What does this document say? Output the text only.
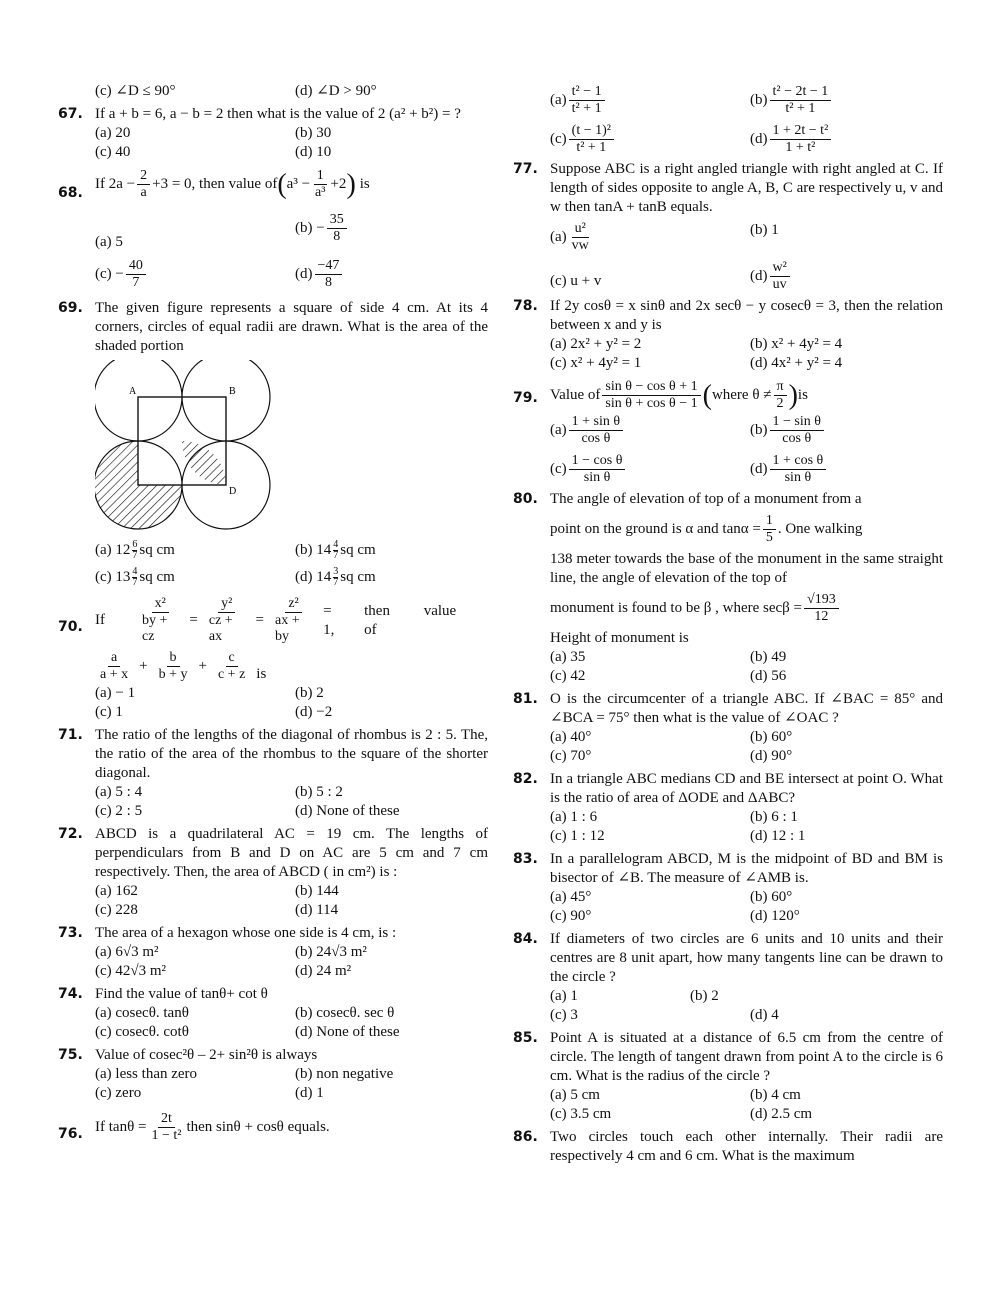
(c) ∠D ≤ 90°	(d) ∠D > 90°
67. If a + b = 6, a − b = 2 then what is the value of 2 (a² + b²) = ?
(a) 20	(b) 30
(c) 40	(d) 10
68.
If $2a - \frac{2}{a} +3 = 0$, then value of ( $a^3 - \frac{1}{\text{a³}} +2$ ) is
(a) 5
$(b) - \frac{35}{8}$
$(c) - \frac{40}{7}$	$(d) \frac{-47}{8}$
69. The given figure represents a square of side 4 cm. At its 4 corners, circles of equal radii are drawn. What is the area of the shaded portion
A	B
D
(a) $12 \frac{6}{7}$ sq cm	(b) $14 \frac{4}{7}$ sq cm
(c) $13 \frac{4}{7}$ sq cm	(d) $14 \frac{3}{7}$ sq cm
70. If $\frac{\text{x²}}{by + cz} = \frac{\text{y²}}{cz + ax} = \frac{\text{z²}}{ax + by} = 1$,
then value of
$\frac{a}{a + x} + \frac{b}{b + y} + \frac{c}{c + z}$ is
(a) − 1	(b) 2
(c) 1	(d) −2
71. The ratio of the lengths of the diagonal of rhombus is 2 : 5. The, the ratio of the area of the rhombus to the square of the shorter diagonal.
(a) 5 : 4	(b) 5 : 2
(c) 2 : 5	(d) None of these
72. ABCD is a quadrilateral AC = 19 cm. The lengths of perpendiculars from B and D on AC are 5 cm and 7 cm respectively. Then, the area of ABCD ( in cm²) is :
(a) 162	(b) 144
(c) 228	(d) 114
73. The area of a hexagon whose one side is 4 cm, is :
(a) 6√3 m²	(b) 24√3 m²
(c) 42√3 m²	(d) 24 m²
74. Find the value of tanθ+ cot θ
(a) cosecθ. tanθ	(b) cosecθ. sec θ
(c) cosecθ. cotθ	(d) None of these
75. Value of cosec²θ – 2+ sin²θ is always
(a) less than zero	(b) non negative
(c) zero	(d) 1
76. If $\tan\theta = \frac{2t}{\text{1 − t²}}$ then sinθ + cosθ equals.
$(a) \frac{\text{t² − 1}}{\text{t² + 1}}$	$(b) \frac{\text{t² − 2t − 1}}{\text{t² + 1}}$
$(c) \frac{\text{(t − 1)²}}{\text{t² + 1}}$	$(d) \frac{\text{1 + 2t − t²}}{\text{1 + t²}}$
77. Suppose ABC is a right angled triangle with right angled at C. If length of sides opposite to angle A, B, C are respectively u, v and w then tanA + tanB equals.
$(a) \frac{\text{u²}}{vw}$	(b) 1
(c) u + v	$(d) \frac{\text{w²}}{uv}$
78. If 2y cosθ = x sinθ and 2x secθ − y cosecθ = 3, then the relation between x and y is
(a) 2x² + y² = 2	(b) x² + 4y² = 4
(c) x² + 4y² = 1	(d) 4x² + y² = 4
79. Value of $\frac{\text{sin θ − cos θ + 1}}{\text{sin θ + cos θ − 1}}$ ( where $\theta \ne \frac{\pi}{2}$ ) is
$(a) \frac{\text{1 + sin θ}}{\text{cos θ}}$	$(b) \frac{\text{1 − sin θ}}{\text{cos θ}}$
$(c) \frac{\text{1 − cos θ}}{\text{sin θ}}$	$(d) \frac{\text{1 + cos θ}}{\text{sin θ}}$
80. The angle of elevation of top of a monument from a
point on the ground is α and $\tan\alpha = \frac{1}{5}$ . One walking
138 meter towards the base of the monument in the same straight line, the angle of elevation of the top of
monument is found to be β , where $\sec\beta = \frac{√193}{12}$
Height of monument is
(a) 35	(b) 49
(c) 42	(d) 56
81. O is the circumcenter of a triangle ABC. If ∠BAC = 85° and ∠BCA = 75° then what is the value of ∠OAC ?
(a) 40°	(b) 60°
(c) 70°	(d) 90°
82. In a triangle ABC medians CD and BE intersect at point O. What is the ratio of area of ΔODE and ΔABC?
(a) 1 : 6	(b) 6 : 1
(c) 1 : 12	(d) 12 : 1
83. In a parallelogram ABCD, M is the midpoint of BD and BM is bisector of ∠B. The measure of ∠AMB is.
(a) 45°	(b) 60°
(c) 90°	(d) 120°
84. If diameters of two circles are 6 units and 10 units and their centres are 8 unit apart, how many tangents line can be drawn to the circle ?
(a) 1	(b) 2
(c) 3	(d) 4
85. Point A is situated at a distance of 6.5 cm from the centre of circle. The length of tangent drawn from point A to the circle is 6 cm. What is the radius of the circle ?
(a) 5 cm	(b) 4 cm
(c) 3.5 cm	(d) 2.5 cm
86. Two circles touch each other internally. Their radii are respectively 4 cm and 6 cm. What is the maximum
